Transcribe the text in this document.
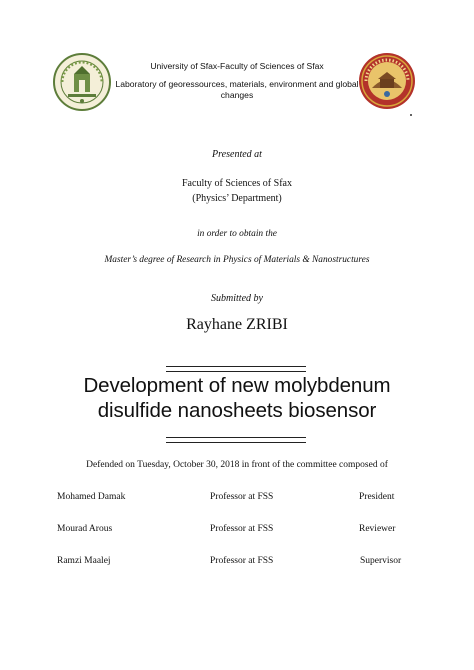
University of Sfax-Faculty of Sciences of Sfax
Laboratory of georessources, materials, environment and global changes
Presented at
Faculty of Sciences of Sfax
(Physics’ Department)
in order to obtain the
Master’s degree of Research in Physics of Materials & Nanostructures
Submitted by
Rayhane ZRIBI
Development of new molybdenum
disulfide nanosheets biosensor
Defended on Tuesday, October 30, 2018 in front of the committee composed of
Mohamed Damak	Professor at FSS	President
Mourad Arous	Professor at FSS	Reviewer
Ramzi Maalej	Professor at FSS	Supervisor
